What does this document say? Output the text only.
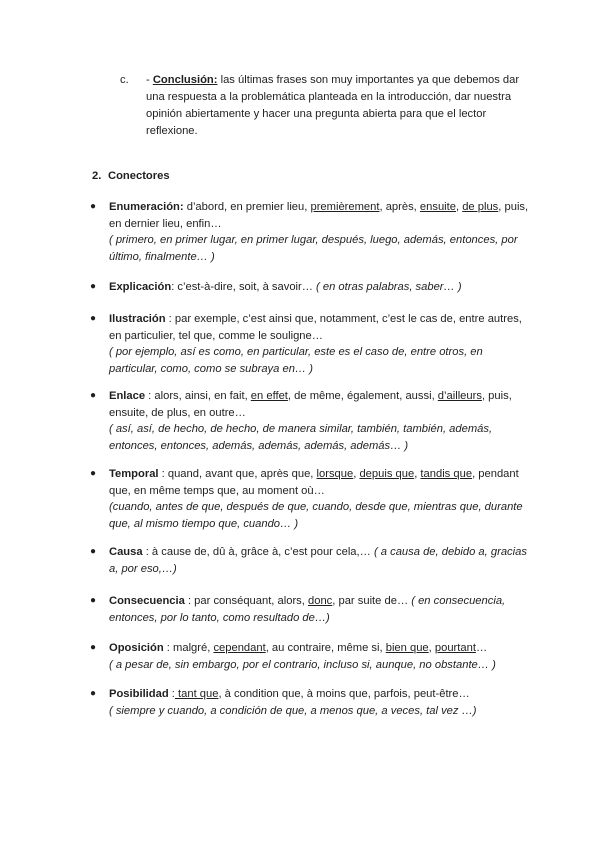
c.	- Conclusión: las últimas frases son muy importantes ya que debemos dar una respuesta a la problemática planteada en la introducción, dar nuestra opinión abiertamente y hacer una pregunta abierta para que el lector reflexione.
2. Conectores
● Enumeración: d’abord, en premier lieu, premièrement, après, ensuite, de plus, puis, en dernier lieu, enfin…
( primero, en primer lugar, en primer lugar, después, luego, además, entonces, por último, finalmente… )
● Explicación: c’est-à-dire, soit, à savoir… ( en otras palabras, saber… )
● Ilustración : par exemple, c’est ainsi que, notamment, c’est le cas de, entre autres, en particulier, tel que, comme le souligne…
( por ejemplo, así es como, en particular, este es el caso de, entre otros, en particular, como, como se subraya en… )
● Enlace : alors, ainsi, en fait, en effet, de même, également, aussi, d’ailleurs, puis, ensuite, de plus, en outre…
( así, así, de hecho, de hecho, de manera similar, también, también, además, entonces, entonces, además, además, además, además… )
● Temporal : quand, avant que, après que, lorsque, depuis que, tandis que, pendant que, en même temps que, au moment où…
(cuando, antes de que, después de que, cuando, desde que, mientras que, durante que, al mismo tiempo que, cuando… )
● Causa : à cause de, dû à, grâce à, c’est pour cela,… ( a causa de, debido a, gracias a, por eso,…)
● Consecuencia : par conséquant, alors, donc, par suite de… ( en consecuencia, entonces, por lo tanto, como resultado de…)
● Oposición : malgré, cependant, au contraire, même si, bien que, pourtant…
( a pesar de, sin embargo, por el contrario, incluso si, aunque, no obstante… )
● Posibilidad : tant que, à condition que, à moins que, parfois, peut-être…
( siempre y cuando, a condición de que, a menos que, a veces, tal vez …)
